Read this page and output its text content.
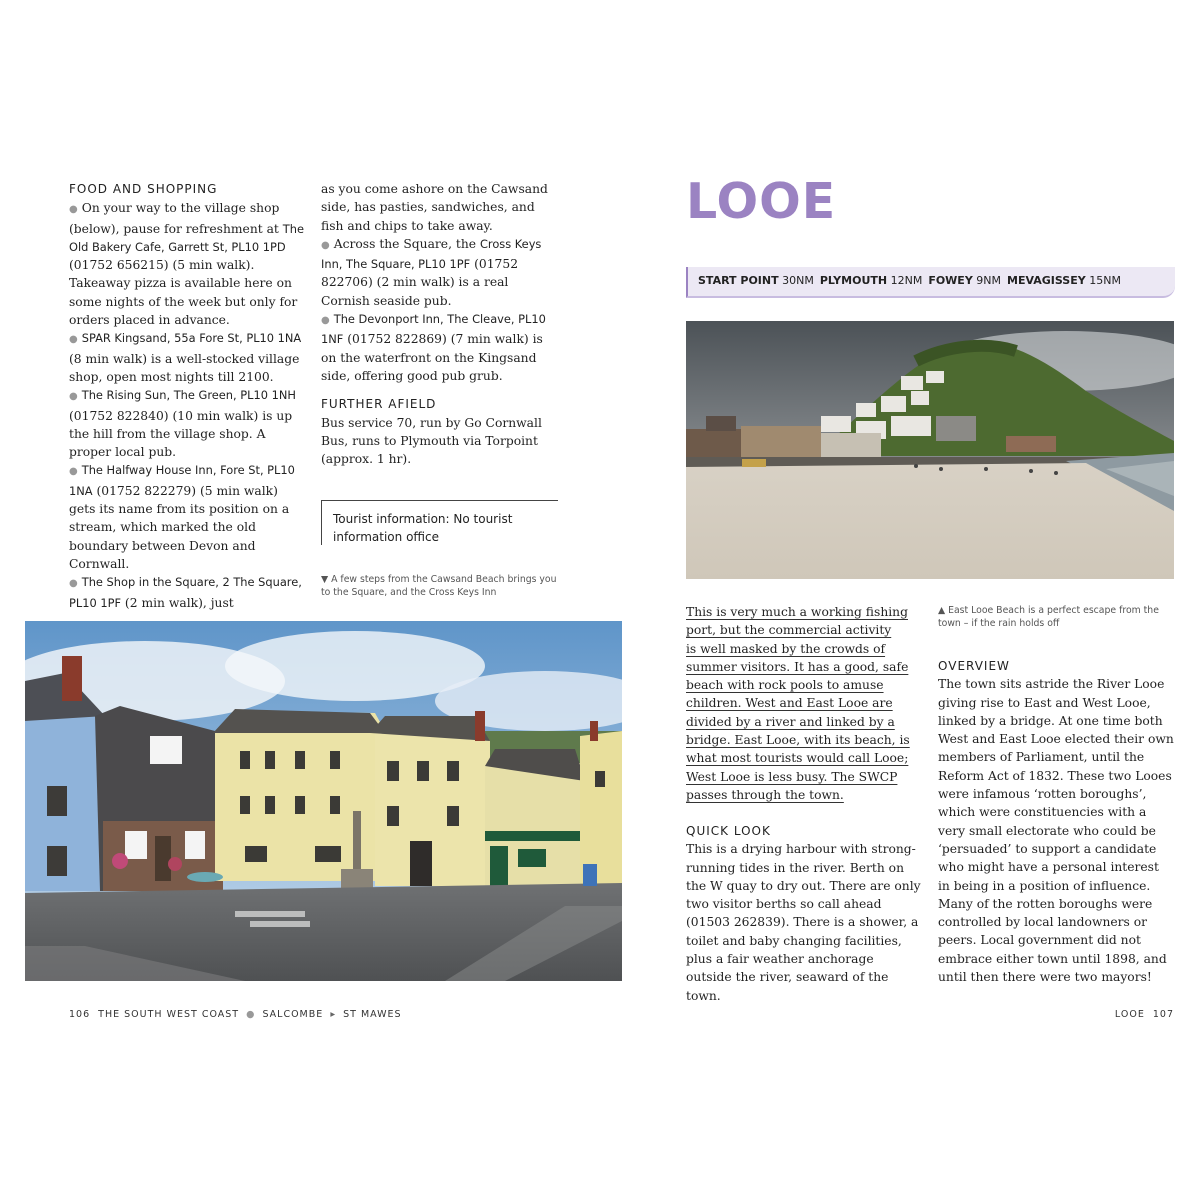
FOOD AND SHOPPING

● On your way to the village shop (below), pause for refreshment at The Old Bakery Cafe, Garrett St, PL10 1PD (01752 656215) (5 min walk). Takeaway pizza is available here on some nights of the week but only for orders placed in advance.

● SPAR Kingsand, 55a Fore St, PL10 1NA (8 min walk) is a well-stocked village shop, open most nights till 2100.

● The Rising Sun, The Green, PL10 1NH (01752 822840) (10 min walk) is up the hill from the village shop. A proper local pub.

● The Halfway House Inn, Fore St, PL10 1NA (01752 822279) (5 min walk) gets its name from its position on a stream, which marked the old boundary between Devon and Cornwall.

● The Shop in the Square, 2 The Square, PL10 1PF (2 min walk), just

as you come ashore on the Cawsand side, has pasties, sandwiches, and fish and chips to take away.

● Across the Square, the Cross Keys Inn, The Square, PL10 1PF (01752 822706) (2 min walk) is a real Cornish seaside pub.

● The Devonport Inn, The Cleave, PL10 1NF (01752 822869) (7 min walk) is on the waterfront on the Kingsand side, offering good pub grub.

FURTHER AFIELD

Bus service 70, run by Go Cornwall Bus, runs to Plymouth via Torpoint (approx. 1 hr).

Tourist information: No tourist information office
▼ A few steps from the Cawsand Beach brings you to the Square, and the Cross Keys Inn
106 THE SOUTH WEST COAST ● SALCOMBE ▸ ST MAWES
LOOE
START POINT 30NM PLYMOUTH 12NM FOWEY 9NM MEVAGISSEY 15NM
▲ East Looe Beach is a perfect escape from the town – if the rain holds off
This is very much a working fishing
port, but the commercial activity
is well masked by the crowds of
summer visitors. It has a good, safe
beach with rock pools to amuse
children. West and East Looe are
divided by a river and linked by a
bridge. East Looe, with its beach, is
what most tourists would call Looe;
West Looe is less busy. The SWCP
passes through the town.
QUICK LOOK

This is a drying harbour with strong-running tides in the river. Berth on the W quay to dry out. There are only two visitor berths so call ahead (01503 262839). There is a shower, a toilet and baby changing facilities, plus a fair weather anchorage outside the river, seaward of the town.

OVERVIEW

The town sits astride the River Looe giving rise to East and West Looe, linked by a bridge. At one time both West and East Looe elected their own members of Parliament, until the Reform Act of 1832. These two Looes were infamous ‘rotten boroughs’, which were constituencies with a very small electorate who could be ‘persuaded’ to support a candidate who might have a personal interest in being in a position of influence. Many of the rotten boroughs were controlled by local landowners or peers. Local government did not embrace either town until 1898, and until then there were two mayors!

LOOE 107
